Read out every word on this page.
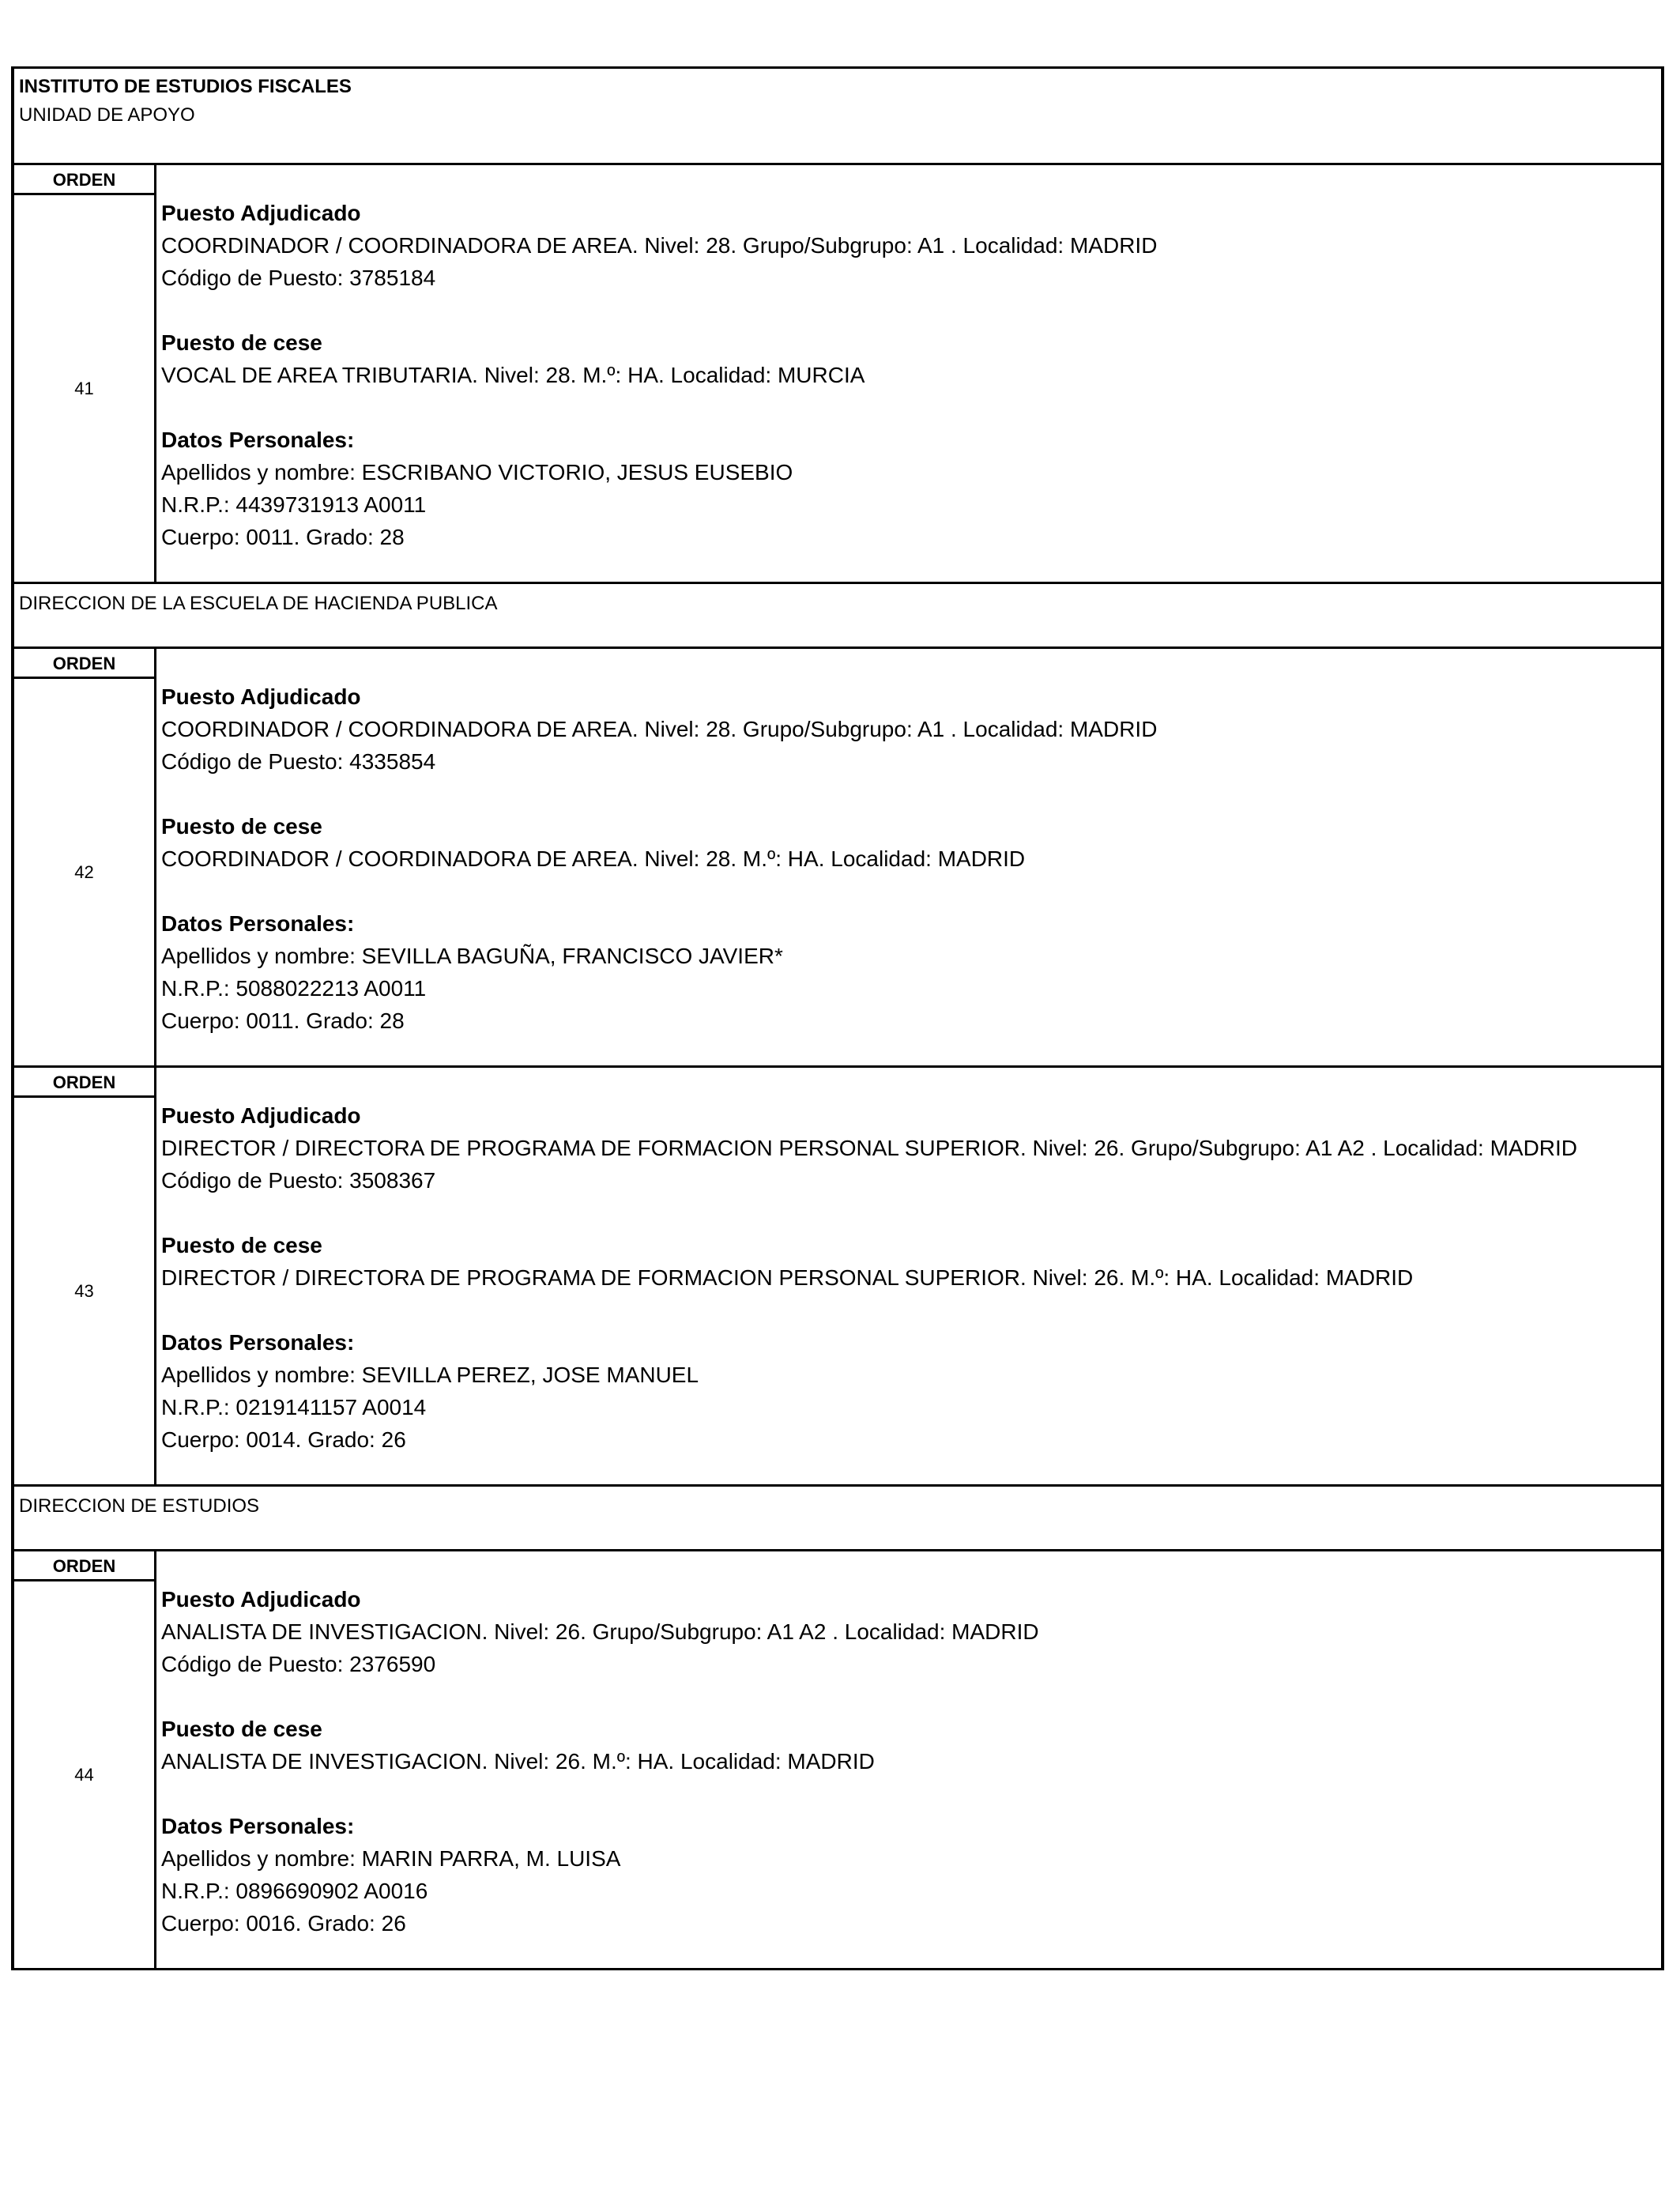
INSTITUTO DE ESTUDIOS FISCALES
UNIDAD DE APOYO
ORDEN
41
Puesto Adjudicado
COORDINADOR / COORDINADORA DE AREA. Nivel: 28. Grupo/Subgrupo: A1 . Localidad: MADRID
Código de Puesto: 3785184
Puesto de cese
VOCAL DE AREA TRIBUTARIA. Nivel: 28. M.º: HA. Localidad: MURCIA
Datos Personales:
Apellidos y nombre: ESCRIBANO VICTORIO, JESUS EUSEBIO
N.R.P.: 4439731913 A0011
Cuerpo: 0011. Grado: 28
DIRECCION DE LA ESCUELA DE HACIENDA PUBLICA
ORDEN
42
Puesto Adjudicado
COORDINADOR / COORDINADORA DE AREA. Nivel: 28. Grupo/Subgrupo: A1 . Localidad: MADRID
Código de Puesto: 4335854
Puesto de cese
COORDINADOR / COORDINADORA DE AREA. Nivel: 28. M.º: HA. Localidad: MADRID
Datos Personales:
Apellidos y nombre: SEVILLA BAGUÑA, FRANCISCO JAVIER*
N.R.P.: 5088022213 A0011
Cuerpo: 0011. Grado: 28
ORDEN
43
Puesto Adjudicado
DIRECTOR / DIRECTORA DE PROGRAMA DE FORMACION PERSONAL SUPERIOR. Nivel: 26. Grupo/Subgrupo: A1 A2 . Localidad: MADRID
Código de Puesto: 3508367
Puesto de cese
DIRECTOR / DIRECTORA DE PROGRAMA DE FORMACION PERSONAL SUPERIOR. Nivel: 26. M.º: HA. Localidad: MADRID
Datos Personales:
Apellidos y nombre: SEVILLA PEREZ, JOSE MANUEL
N.R.P.: 0219141157 A0014
Cuerpo: 0014. Grado: 26
DIRECCION DE ESTUDIOS
ORDEN
44
Puesto Adjudicado
ANALISTA DE INVESTIGACION. Nivel: 26. Grupo/Subgrupo: A1 A2 . Localidad: MADRID
Código de Puesto: 2376590
Puesto de cese
ANALISTA DE INVESTIGACION. Nivel: 26. M.º: HA. Localidad: MADRID
Datos Personales:
Apellidos y nombre: MARIN PARRA, M. LUISA
N.R.P.: 0896690902 A0016
Cuerpo: 0016. Grado: 26
